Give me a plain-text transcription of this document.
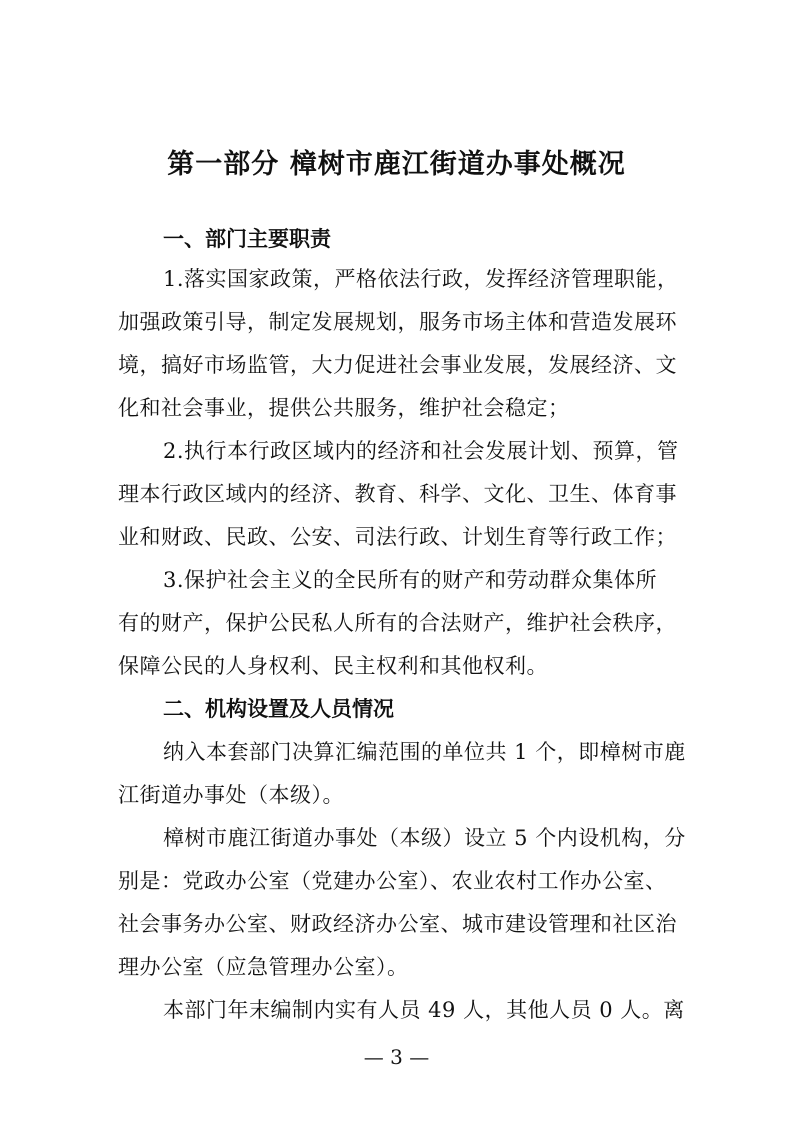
第一部分 樟树市鹿江街道办事处概况
一、部门主要职责
1.落实国家政策，严格依法行政，发挥经济管理职能，
加强政策引导，制定发展规划，服务市场主体和营造发展环
境，搞好市场监管，大力促进社会事业发展，发展经济、文
化和社会事业，提供公共服务，维护社会稳定；
2.执行本行政区域内的经济和社会发展计划、预算，管
理本行政区域内的经济、教育、科学、文化、卫生、体育事
业和财政、民政、公安、司法行政、计划生育等行政工作；
3.保护社会主义的全民所有的财产和劳动群众集体所
有的财产，保护公民私人所有的合法财产，维护社会秩序，
保障公民的人身权利、民主权利和其他权利。
二、机构设置及人员情况
纳入本套部门决算汇编范围的单位共 1 个，即樟树市鹿
江街道办事处（本级）。
樟树市鹿江街道办事处（本级）设立 5 个内设机构，分
别是：党政办公室（党建办公室）、农业农村工作办公室、
社会事务办公室、财政经济办公室、城市建设管理和社区治
理办公室（应急管理办公室）。
本部门年末编制内实有人员 49 人，其他人员 0 人。离
— 3 —
